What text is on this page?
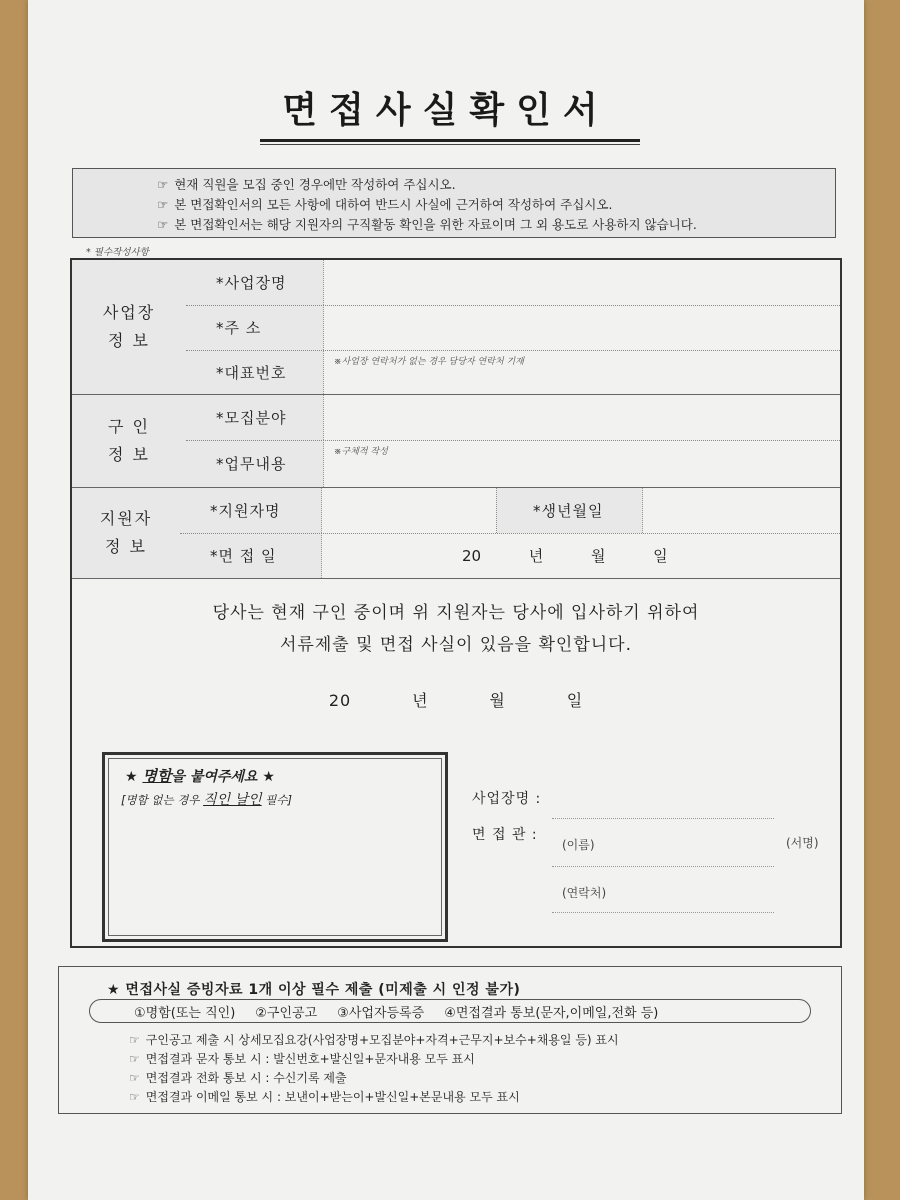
면접사실확인서
☞ 현재 직원을 모집 중인 경우에만 작성하여 주십시오.
☞ 본 면접확인서의 모든 사항에 대하여 반드시 사실에 근거하여 작성하여 주십시오.
☞ 본 면접확인서는 해당 지원자의 구직활동 확인을 위한 자료이며 그 외 용도로 사용하지 않습니다.
* 필수작성사항
사업장
정 보
*사업장명
*주 소
*대표번호
※사업장 연락처가 없는 경우 담당자 연락처 기재
구 인
정 보
*모집분야
*업무내용
※구체적 작성
지원자
정 보
*지원자명
*면 접 일
*생년월일
20          년          월          일
당사는 현재 구인 중이며 위 지원자는 당사에 입사하기 위하여
서류제출 및 면접 사실이 있음을 확인합니다.
20          년          월          일
★ 명함을 붙여주세요 ★
[명함 없는 경우 직인 날인 필수]	사업장명 :
면 접 관 :
(이름)	(서명)
(연락처)
★ 면접사실 증빙자료 1개 이상 필수 제출 (미제출 시 인정 불가)
①명함(또는 직인) ②구인공고 ③사업자등록증 ④면접결과 통보(문자,이메일,전화 등)
☞ 구인공고 제출 시 상세모집요강(사업장명+모집분야+자격+근무지+보수+채용일 등) 표시
☞ 면접결과 문자 통보 시 : 발신번호+발신일+문자내용 모두 표시
☞ 면접결과 전화 통보 시 : 수신기록 제출
☞ 면접결과 이메일 통보 시 : 보낸이+받는이+발신일+본문내용 모두 표시
